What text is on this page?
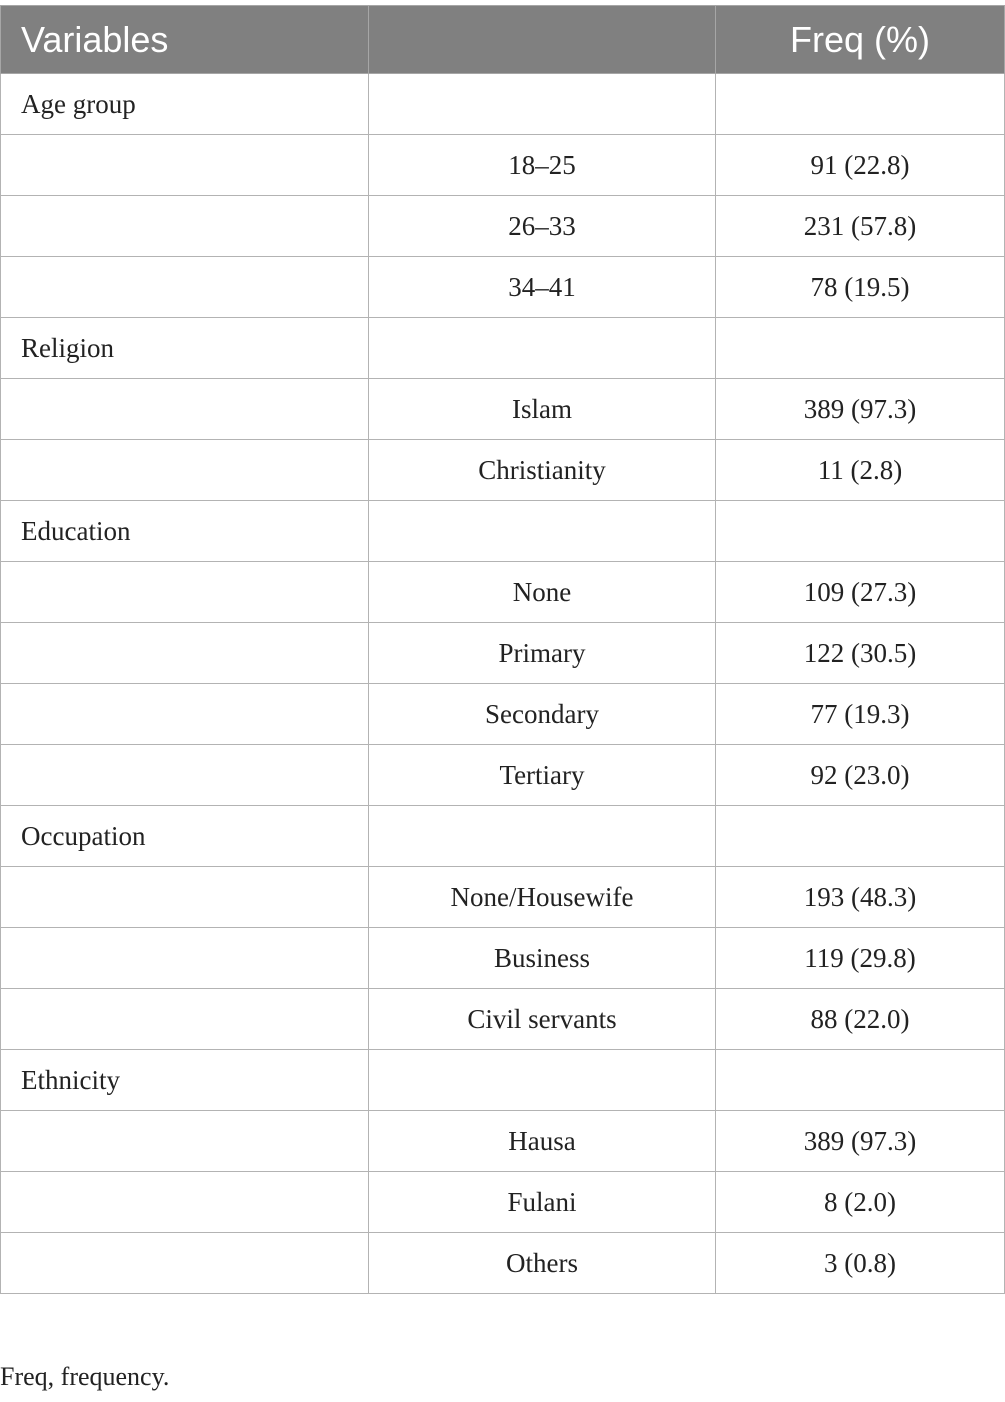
Variables		Freq (%)
Age group		
	18–25	91 (22.8)
	26–33	231 (57.8)
	34–41	78 (19.5)
Religion		
	Islam	389 (97.3)
	Christianity	11 (2.8)
Education		
	None	109 (27.3)
	Primary	122 (30.5)
	Secondary	77 (19.3)
	Tertiary	92 (23.0)
Occupation		
	None/Housewife	193 (48.3)
	Business	119 (29.8)
	Civil servants	88 (22.0)
Ethnicity		
	Hausa	389 (97.3)
	Fulani	8 (2.0)
	Others	3 (0.8)
Freq, frequency.
